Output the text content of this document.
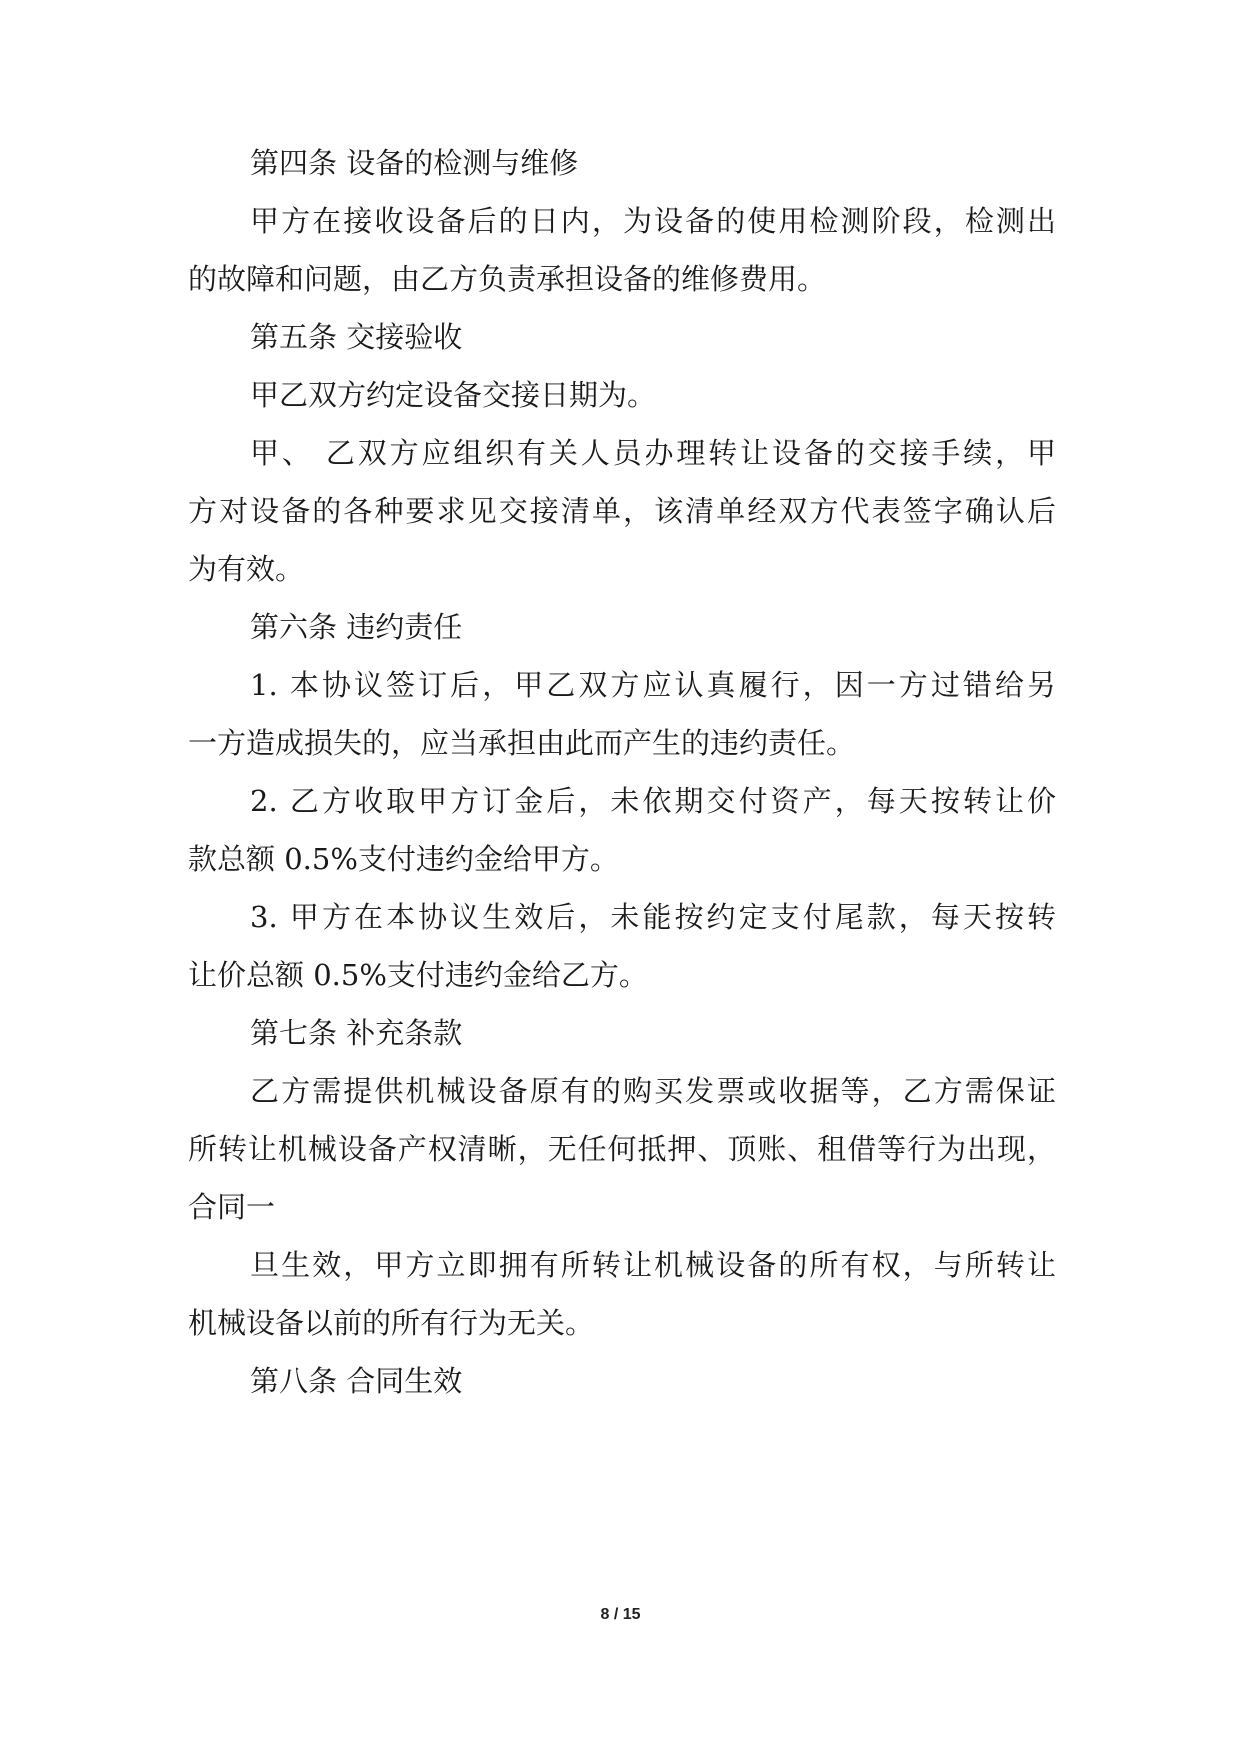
第四条 设备的检测与维修
甲方在接收设备后的日内，为设备的使用检测阶段，检测出
的故障和问题，由乙方负责承担设备的维修费用。
第五条 交接验收
甲乙双方约定设备交接日期为。
甲、 乙双方应组织有关人员办理转让设备的交接手续，甲
方对设备的各种要求见交接清单，该清单经双方代表签字确认后
为有效。
第六条 违约责任
1. 本协议签订后，甲乙双方应认真履行，因一方过错给另
一方造成损失的，应当承担由此而产生的违约责任。
2. 乙方收取甲方订金后，未依期交付资产，每天按转让价
款总额 0.5%支付违约金给甲方。
3. 甲方在本协议生效后，未能按约定支付尾款，每天按转
让价总额 0.5%支付违约金给乙方。
第七条 补充条款
乙方需提供机械设备原有的购买发票或收据等，乙方需保证
所转让机械设备产权清晰，无任何抵押、顶账、租借等行为出现，
合同一
旦生效，甲方立即拥有所转让机械设备的所有权，与所转让
机械设备以前的所有行为无关。
第八条 合同生效
8 / 15
